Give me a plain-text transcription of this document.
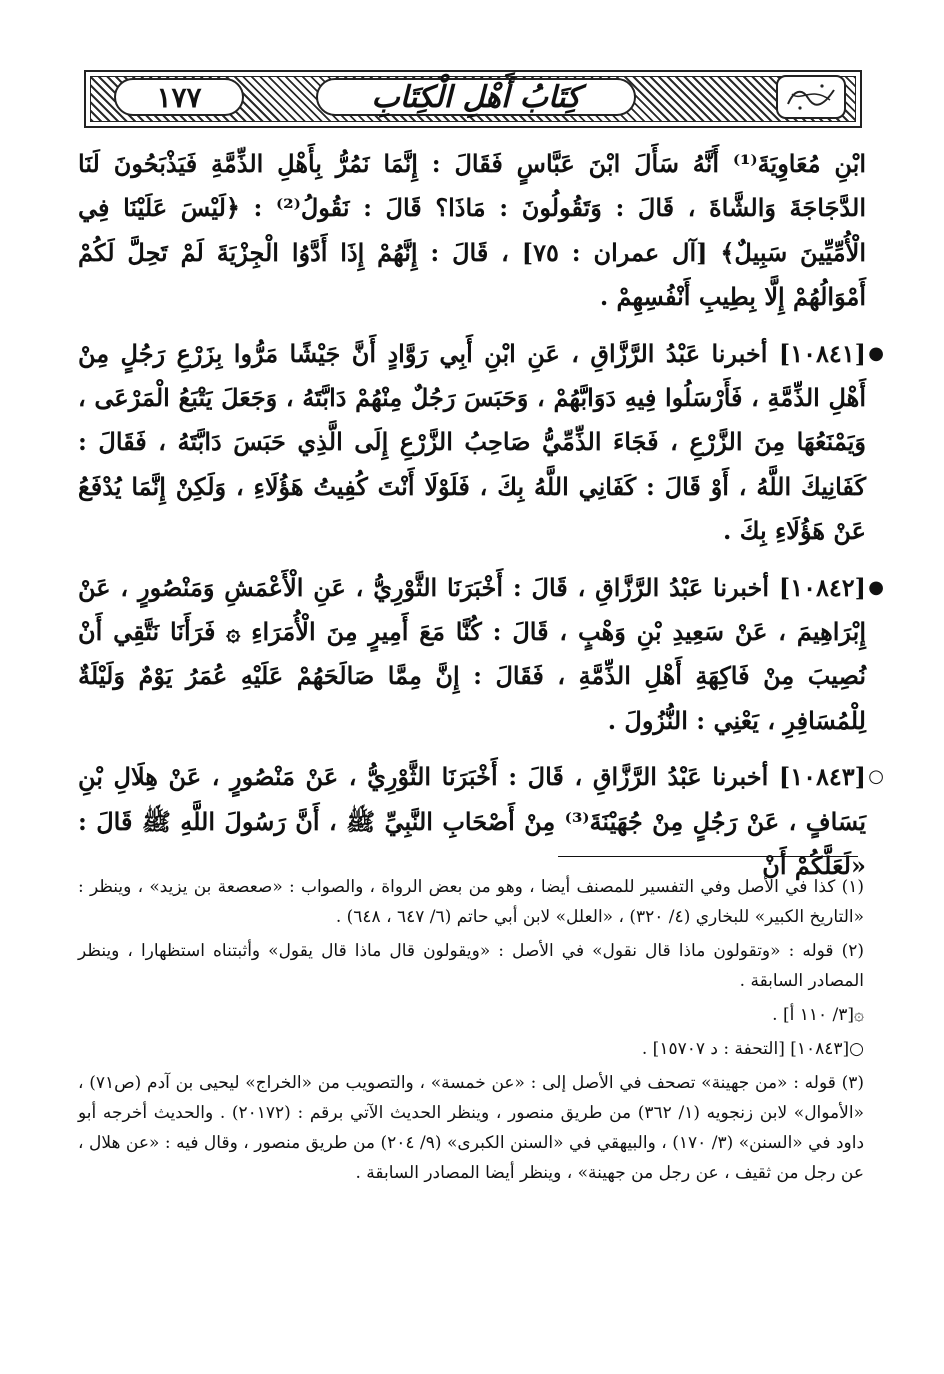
١٧٧	كِتَابُ أَهْلِ الْكِتَابِ

ابْنِ مُعَاوِيَةَ⁽¹⁾ أَنَّهُ سَأَلَ ابْنَ عَبَّاسٍ فَقَالَ : إِنَّمَا نَمُرُّ بِأَهْلِ الذِّمَّةِ فَيَذْبَحُونَ لَنَا الدَّجَاجَةَ وَالشَّاةَ ، قَالَ : وَتَقُولُونَ : مَاذَا؟ قَالَ : نَقُولُ⁽²⁾ : ﴿لَيْسَ عَلَيْنَا فِي الْأُمِّيِّينَ سَبِيلٌ﴾ [آل عمران : ٧٥] ، قَالَ : إِنَّهُمْ إِذَا أَدَّوُا الْجِزْيَةَ لَمْ تَحِلَّ لَكُمْ أَمْوَالُهُمْ إِلَّا بِطِيبِ أَنْفُسِهِمْ .

●
[١٠٨٤١] أخبرنا عَبْدُ الرَّزَّاقِ ، عَنِ ابْنِ أَبِي رَوَّادٍ أَنَّ جَيْشًا مَرُّوا بِزَرْعِ رَجُلٍ مِنْ أَهْلِ الذِّمَّةِ ، فَأَرْسَلُوا فِيهِ دَوَابَّهُمْ ، وَحَبَسَ رَجُلٌ مِنْهُمْ دَابَّتَهُ ، وَجَعَلَ يَتْبَعُ الْمَرْعَى ، وَيَمْنَعُهَا مِنَ الزَّرْعِ ، فَجَاءَ الذِّمِّيُّ صَاحِبُ الزَّرْعِ إِلَى الَّذِي حَبَسَ دَابَّتَهُ ، فَقَالَ : كَفَانِيكَ اللَّهُ ، أَوْ قَالَ : كَفَانِي اللَّهُ بِكَ ، فَلَوْلَا أَنْتَ كُفِيتُ هَؤُلَاءِ ، وَلَكِنْ إِنَّمَا يُدْفَعُ عَنْ هَؤُلَاءِ بِكَ .

●
[١٠٨٤٢] أخبرنا عَبْدُ الرَّزَّاقِ ، قَالَ : أَخْبَرَنَا الثَّوْرِيُّ ، عَنِ الْأَعْمَشِ وَمَنْصُورٍ ، عَنْ إِبْرَاهِيمَ ، عَنْ سَعِيدِ بْنِ وَهْبٍ ، قَالَ : كُنَّا مَعَ أَمِيرٍ مِنَ الْأُمَرَاءِ ۞ فَرَأَنَا نَتَّقِي أَنْ نُصِيبَ مِنْ فَاكِهَةِ أَهْلِ الذِّمَّةِ ، فَقَالَ : إِنَّ مِمَّا صَالَحَهُمْ عَلَيْهِ عُمَرُ يَوْمٌ وَلَيْلَةٌ لِلْمُسَافِرِ ، يَعْنِي : النُّزُولَ .

○
[١٠٨٤٣] أخبرنا عَبْدُ الرَّزَّاقِ ، قَالَ : أَخْبَرَنَا الثَّوْرِيُّ ، عَنْ مَنْصُورٍ ، عَنْ هِلَالِ بْنِ يَسَافٍ ، عَنْ رَجُلٍ مِنْ جُهَيْنَةَ⁽³⁾ مِنْ أَصْحَابِ النَّبِيِّ ﷺ ، أَنَّ رَسُولَ اللَّهِ ﷺ قَالَ : «لَعَلَّكُمْ أَنْ

(١) كذا في الأصل وفي التفسير للمصنف أيضا ، وهو من بعض الرواة ، والصواب : «صعصعة بن يزيد» ، وينظر : «التاريخ الكبير» للبخاري (٤/ ٣٢٠) ، «العلل» لابن أبي حاتم (٦/ ٦٤٧ ، ٦٤٨) .

(٢) قوله : «وتقولون ماذا قال نقول» في الأصل : «ويقولون قال ماذا قال يقول» وأثبتناه استظهارا ، وينظر المصادر السابقة .

۞[٣/ ١١٠ أ] .

○[١٠٨٤٣] [التحفة : د ١٥٧٠٧] .

(٣) قوله : «من جهينة» تصحف في الأصل إلى : «عن خمسة» ، والتصويب من «الخراج» ليحيى بن آدم (ص٧١) ، «الأموال» لابن زنجويه (١/ ٣٦٢) من طريق منصور ، وينظر الحديث الآتي برقم : (٢٠١٧٢) . والحديث أخرجه أبو داود في «السنن» (٣/ ١٧٠) ، والبيهقي في «السنن الكبرى» (٩/ ٢٠٤) من طريق منصور ، وقال فيه : «عن هلال ، عن رجل من ثقيف ، عن رجل من جهينة» ، وينظر أيضا المصادر السابقة .
